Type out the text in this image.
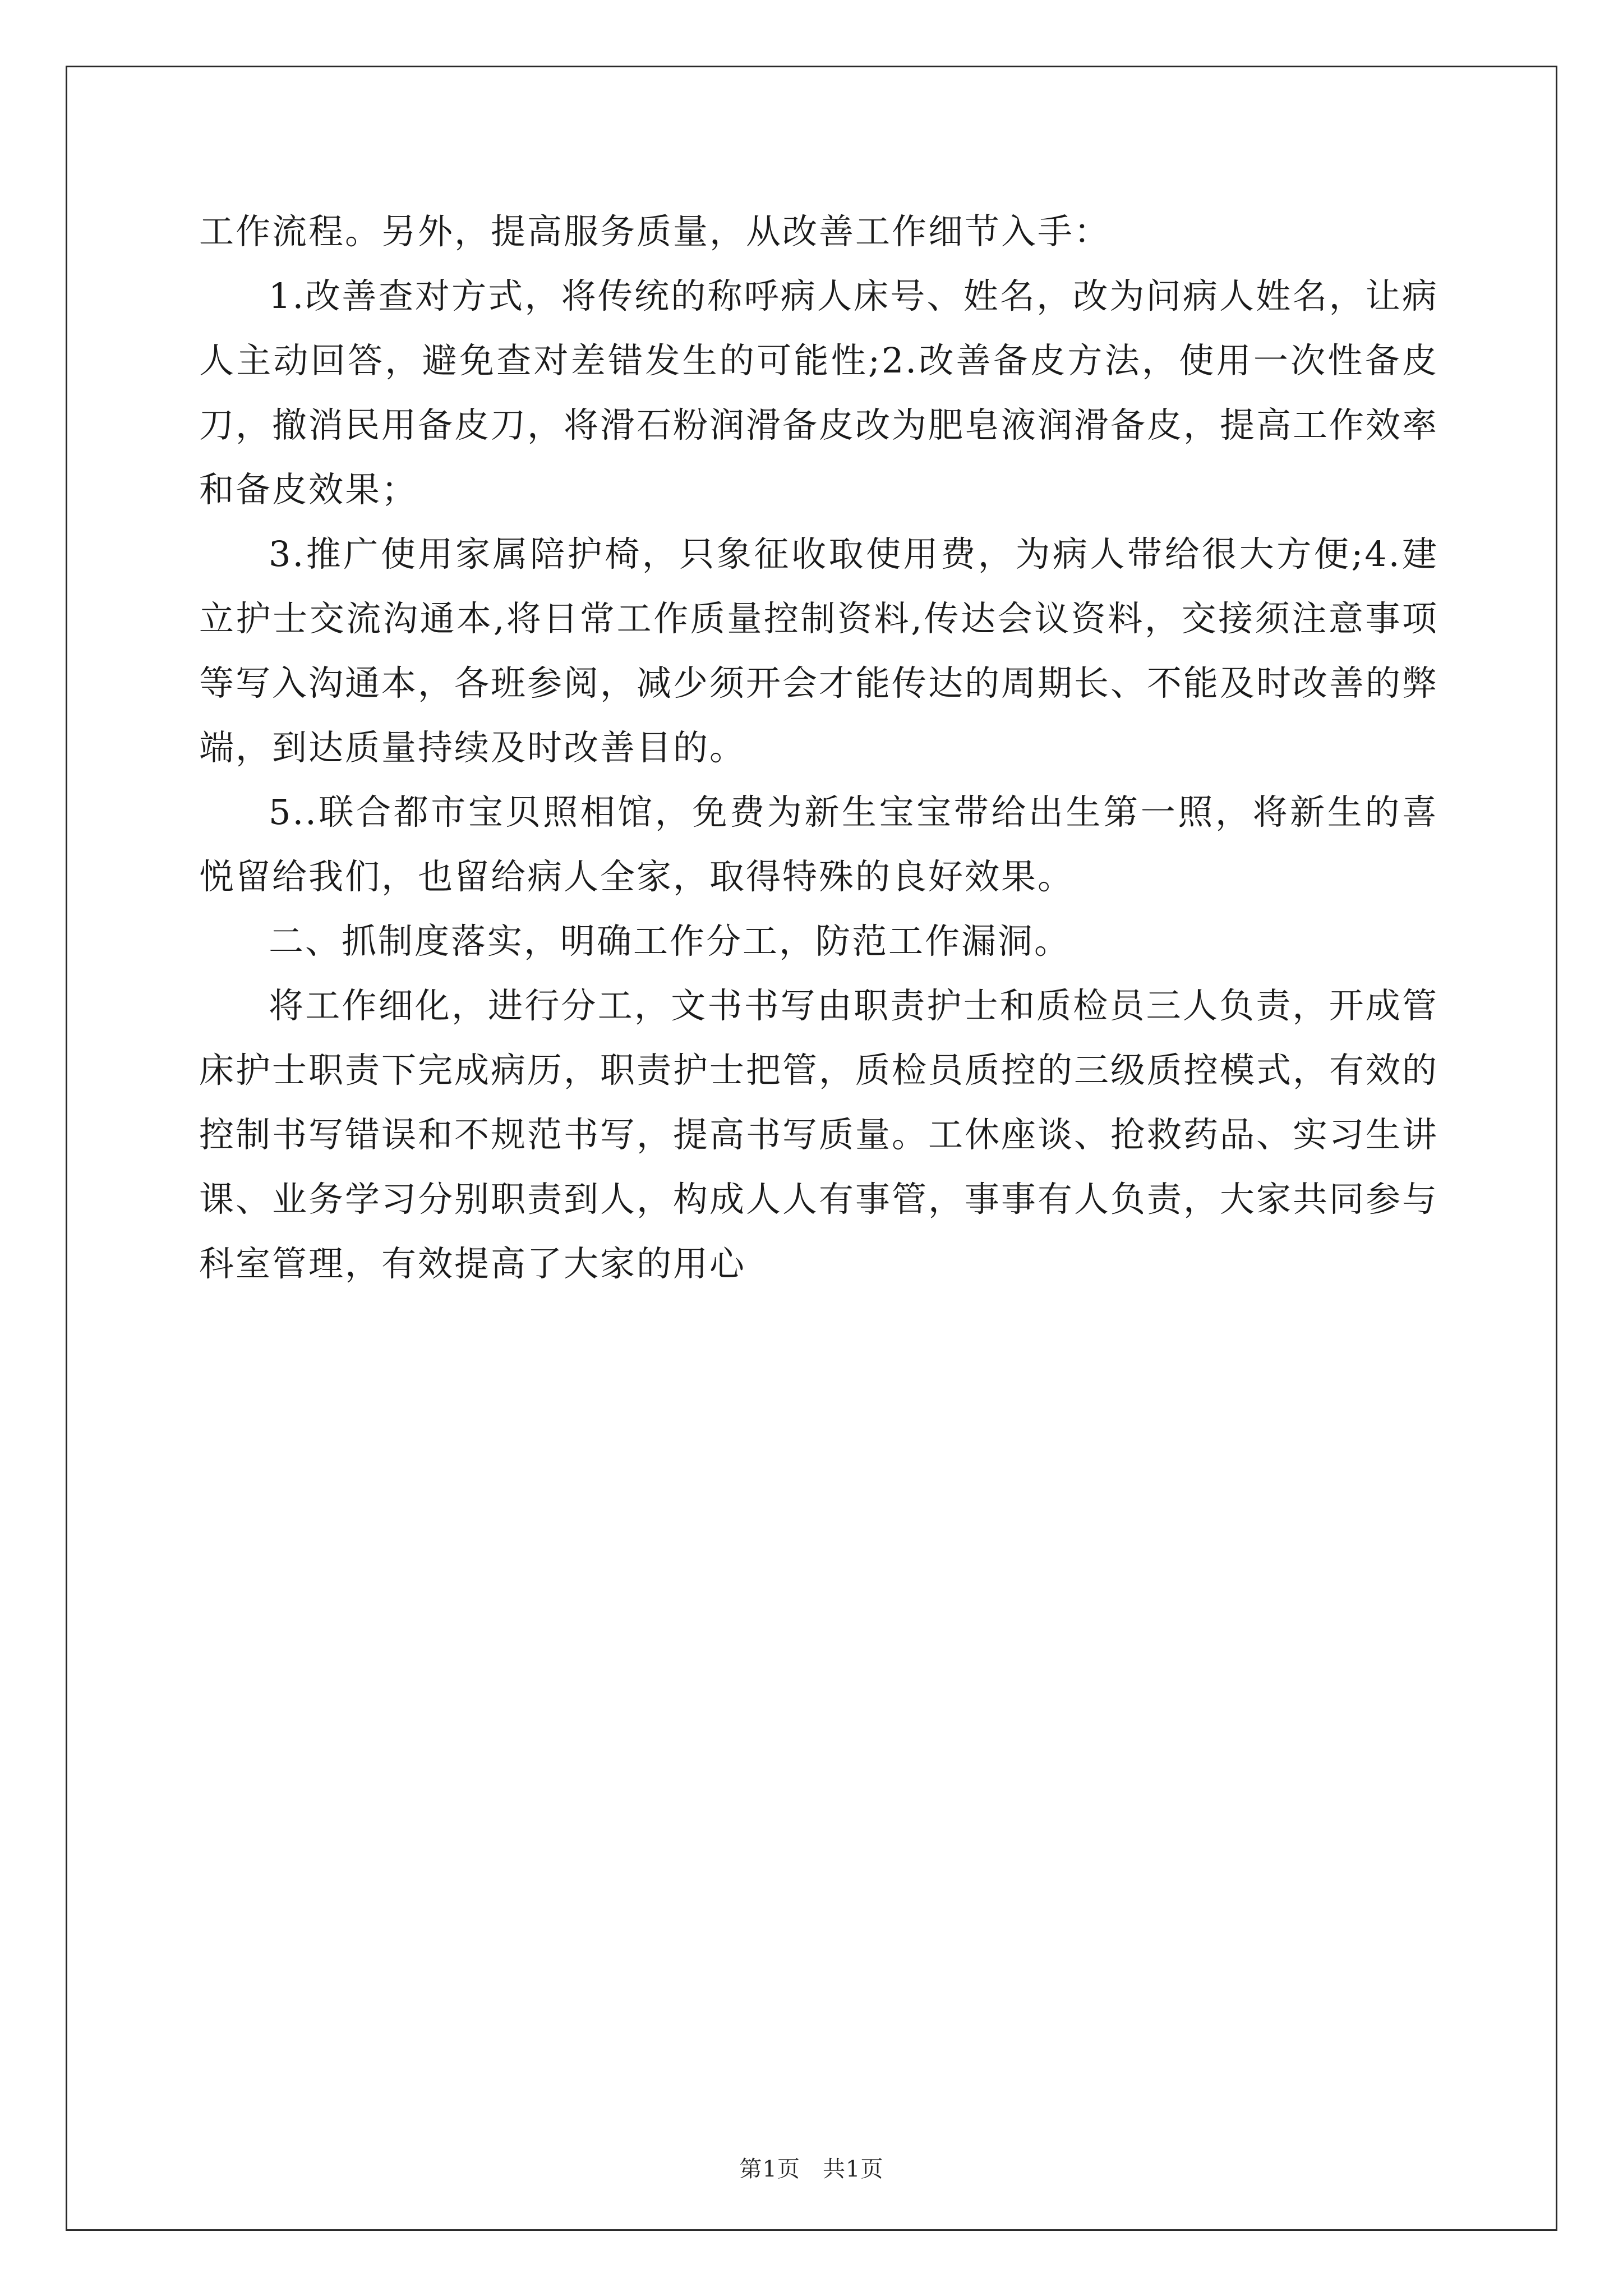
工作流程。另外，提高服务质量，从改善工作细节入手：

1.改善查对方式，将传统的称呼病人床号、姓名，改为问病人姓名，让病人主动回答，避免查对差错发生的可能性;2.改善备皮方法，使用一次性备皮刀，撤消民用备皮刀，将滑石粉润滑备皮改为肥皂液润滑备皮，提高工作效率和备皮效果；

3.推广使用家属陪护椅，只象征收取使用费，为病人带给很大方便;4.建立护士交流沟通本,将日常工作质量控制资料,传达会议资料，交接须注意事项等写入沟通本，各班参阅，减少须开会才能传达的周期长、不能及时改善的弊端，到达质量持续及时改善目的。

5..联合都市宝贝照相馆，免费为新生宝宝带给出生第一照，将新生的喜悦留给我们，也留给病人全家，取得特殊的良好效果。

二、抓制度落实，明确工作分工，防范工作漏洞。

将工作细化，进行分工，文书书写由职责护士和质检员三人负责，开成管床护士职责下完成病历，职责护士把管，质检员质控的三级质控模式，有效的控制书写错误和不规范书写，提高书写质量。工休座谈、抢救药品、实习生讲课、业务学习分别职责到人，构成人人有事管，事事有人负责，大家共同参与科室管理，有效提高了大家的用心

第1页 共1页
